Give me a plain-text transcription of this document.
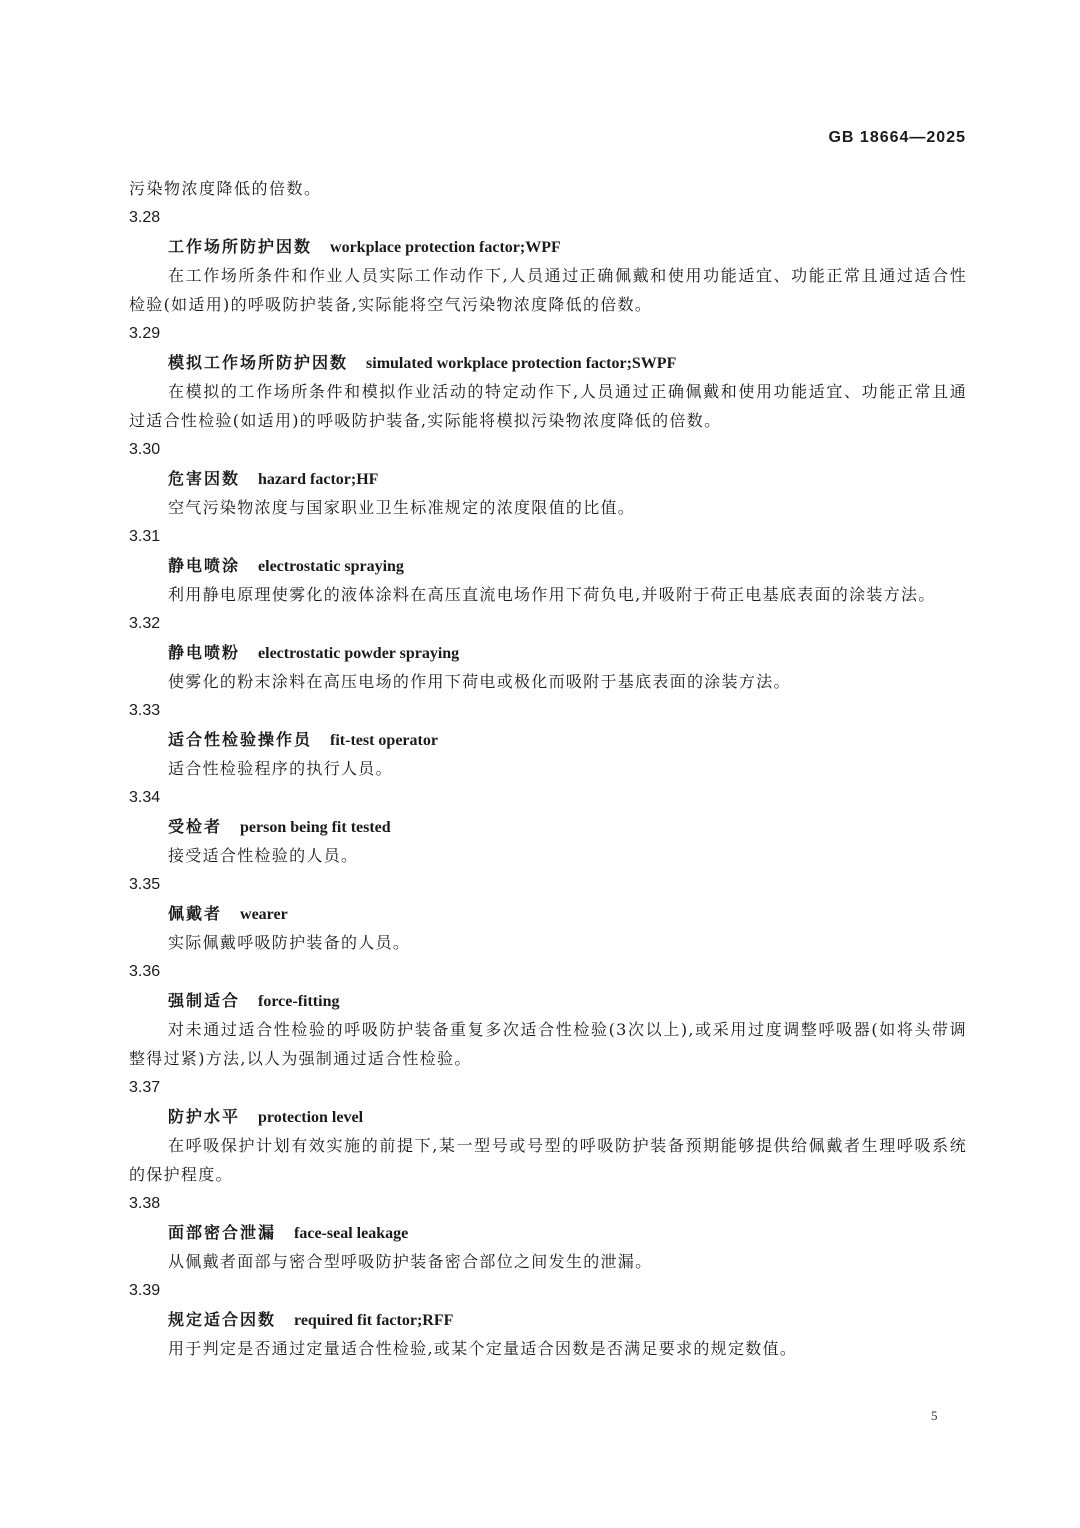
GB 18664—2025
污染物浓度降低的倍数。
3.28
工作场所防护因数 workplace protection factor;WPF
在工作场所条件和作业人员实际工作动作下,人员通过正确佩戴和使用功能适宜、功能正常且通过适合性检验(如适用)的呼吸防护装备,实际能将空气污染物浓度降低的倍数。
3.29
模拟工作场所防护因数 simulated workplace protection factor;SWPF
在模拟的工作场所条件和模拟作业活动的特定动作下,人员通过正确佩戴和使用功能适宜、功能正常且通过适合性检验(如适用)的呼吸防护装备,实际能将模拟污染物浓度降低的倍数。
3.30
危害因数 hazard factor;HF
空气污染物浓度与国家职业卫生标准规定的浓度限值的比值。
3.31
静电喷涂 electrostatic spraying
利用静电原理使雾化的液体涂料在高压直流电场作用下荷负电,并吸附于荷正电基底表面的涂装方法。
3.32
静电喷粉 electrostatic powder spraying
使雾化的粉末涂料在高压电场的作用下荷电或极化而吸附于基底表面的涂装方法。
3.33
适合性检验操作员 fit-test operator
适合性检验程序的执行人员。
3.34
受检者 person being fit tested
接受适合性检验的人员。
3.35
佩戴者 wearer
实际佩戴呼吸防护装备的人员。
3.36
强制适合 force-fitting
对未通过适合性检验的呼吸防护装备重复多次适合性检验(3次以上),或采用过度调整呼吸器(如将头带调整得过紧)方法,以人为强制通过适合性检验。
3.37
防护水平 protection level
在呼吸保护计划有效实施的前提下,某一型号或号型的呼吸防护装备预期能够提供给佩戴者生理呼吸系统的保护程度。
3.38
面部密合泄漏 face-seal leakage
从佩戴者面部与密合型呼吸防护装备密合部位之间发生的泄漏。
3.39
规定适合因数 required fit factor;RFF
用于判定是否通过定量适合性检验,或某个定量适合因数是否满足要求的规定数值。
5
